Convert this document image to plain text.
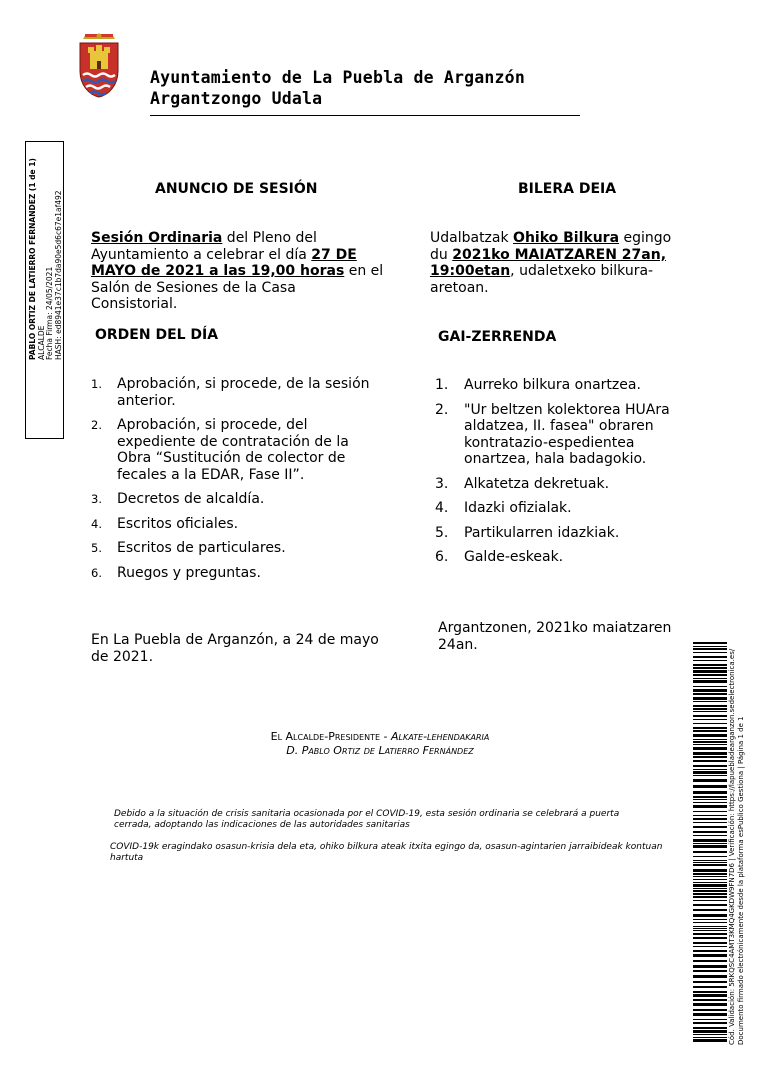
Ayuntamiento de La Puebla de Arganzón
Argantzongo Udala
PABLO ORTIZ DE LATIERRO FERNANDEZ (1 de 1) ALCALDE Fecha Firma: 24/05/2021 HASH: ed8941e37c1b7da90e5d6c67e1af492
ANUNCIO DE SESIÓN
Sesión Ordinaria del Pleno del Ayuntamiento a celebrar el día 27 DE MAYO de 2021 a las 19,00 horas en el Salón de Sesiones de la Casa Consistorial.
ORDEN DEL DÍA
1. Aprobación, si procede, de la sesión anterior.
2. Aprobación, si procede, del expediente de contratación de la Obra “Sustitución de colector de fecales a la EDAR, Fase II”.
3. Decretos de alcaldía.
4. Escritos oficiales.
5. Escritos de particulares.
6. Ruegos y preguntas.
En La Puebla de Arganzón, a 24 de mayo de 2021.
BILERA DEIA
Udalbatzak Ohiko Bilkura egingo du 2021ko MAIATZAREN 27an, 19:00etan, udaletxeko bilkura-aretoan.
GAI-ZERRENDA
1. Aurreko bilkura onartzea.
2. "Ur beltzen kolektorea HUAra aldatzea, II. fasea" obraren kontratazio-espedientea onartzea, hala badagokio.
3. Alkatetza dekretuak.
4. Idazki ofizialak.
5. Partikularren idazkiak.
6. Galde-eskeak.
Argantzonen, 2021ko maiatzaren 24an.
El Alcalde-Presidente - Alkate-lehendakaria
D. Pablo Ortiz de Latierro Fernández
Debido a la situación de crisis sanitaria ocasionada por el COVID-19, esta sesión ordinaria se celebrará a puerta cerrada, adoptando las indicaciones de las autoridades sanitarias
COVID-19k eragindako osasun-krisia dela eta, ohiko bilkura ateak itxita egingo da, osasun-agintarien jarraibideak kontuan hartuta	Cód. Validación: 5RKQSC4AMT3KMQ4GKDW9FN7D6 | Verificación: https://lapuebladearganzon.sedelectronica.es/ Documento firmado electrónicamente desde la plataforma esPublico Gestiona | Página 1 de 1
